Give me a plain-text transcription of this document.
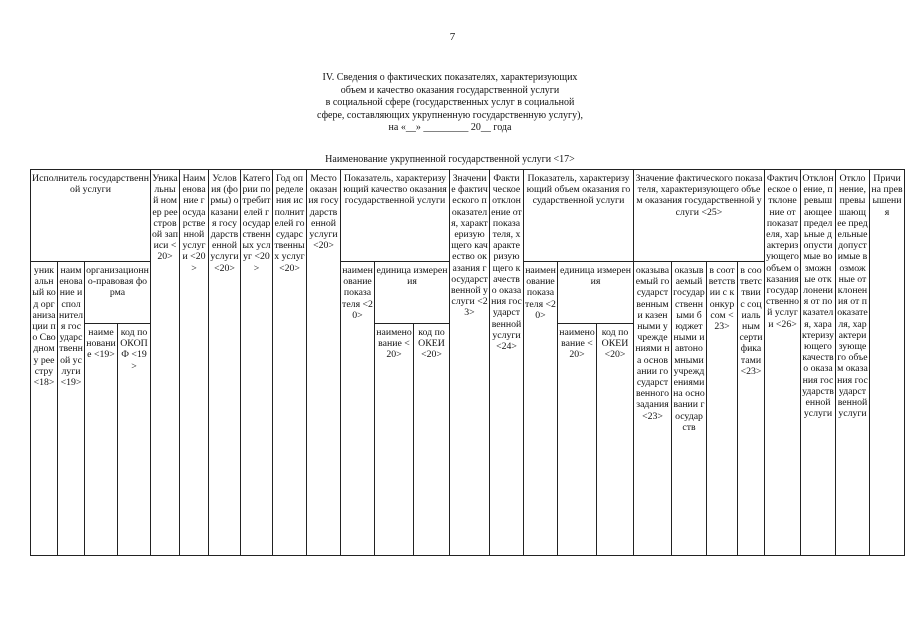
7
IV. Сведения о фактических показателях, характеризующих
объем и качество оказания государственной услуги
в социальной сфере (государственных услуг в социальной
сфере, составляющих укрупненную государственную услугу),
на «__» _________ 20__ года
Наименование укрупненной государственной услуги <17>
Исполнитель государственной услуги				Уникальный номер реестровой записи <20>	Наименование государственной услуги <20>	Условия (формы) оказания государственной услуги <20>	Категории потребителей государственных услуг <20>	Год определения исполнителей государственных услуг <20>	Место оказания государственной услуги <20>	Показатель, характеризующий качество оказания государственной услуги			Значение фактического показателя, характеризующего качество оказания государственной услуги <23>	Фактическое отклонение от показателя, характеризующего качество оказания государственной услуги <24>	Показатель, характеризующий объем оказания государственной услуги			Значение фактического показателя, характеризующего объем оказания государственной услуги <25>				Фактическое отклонение от показателя, характеризующего объем оказания государственной услуги <26>	Отклонение, превышающее предельные допустимые возможные отклонения от показателя, характеризующего качество оказания государственной услуги	Отклонение, превышающее предельные допустимые возможные отклонения от показателя, характеризующего объем оказания государственной услуги	Причина превышения

уникальный код организации по Сводному реестру <18>	наименование исполнителя государственной услуги <19>	организационно-правовая форма								наименование показателя <20>	единица измерения				наименование показателя <20>	единица измерения		оказываемый государственными казенными учреждениями на основании государственного задания <23>	оказываемый государственными бюджетными и автономными учреждениями на основании государств	в соответствии с конкурсом <23>	в соответствии с социальным сертификатами <23>				

		наименование <19>	код по ОКОПФ <19>								наименование <20>	код по ОКЕИ <20>				наименование <20>	код по ОКЕИ <20>								
